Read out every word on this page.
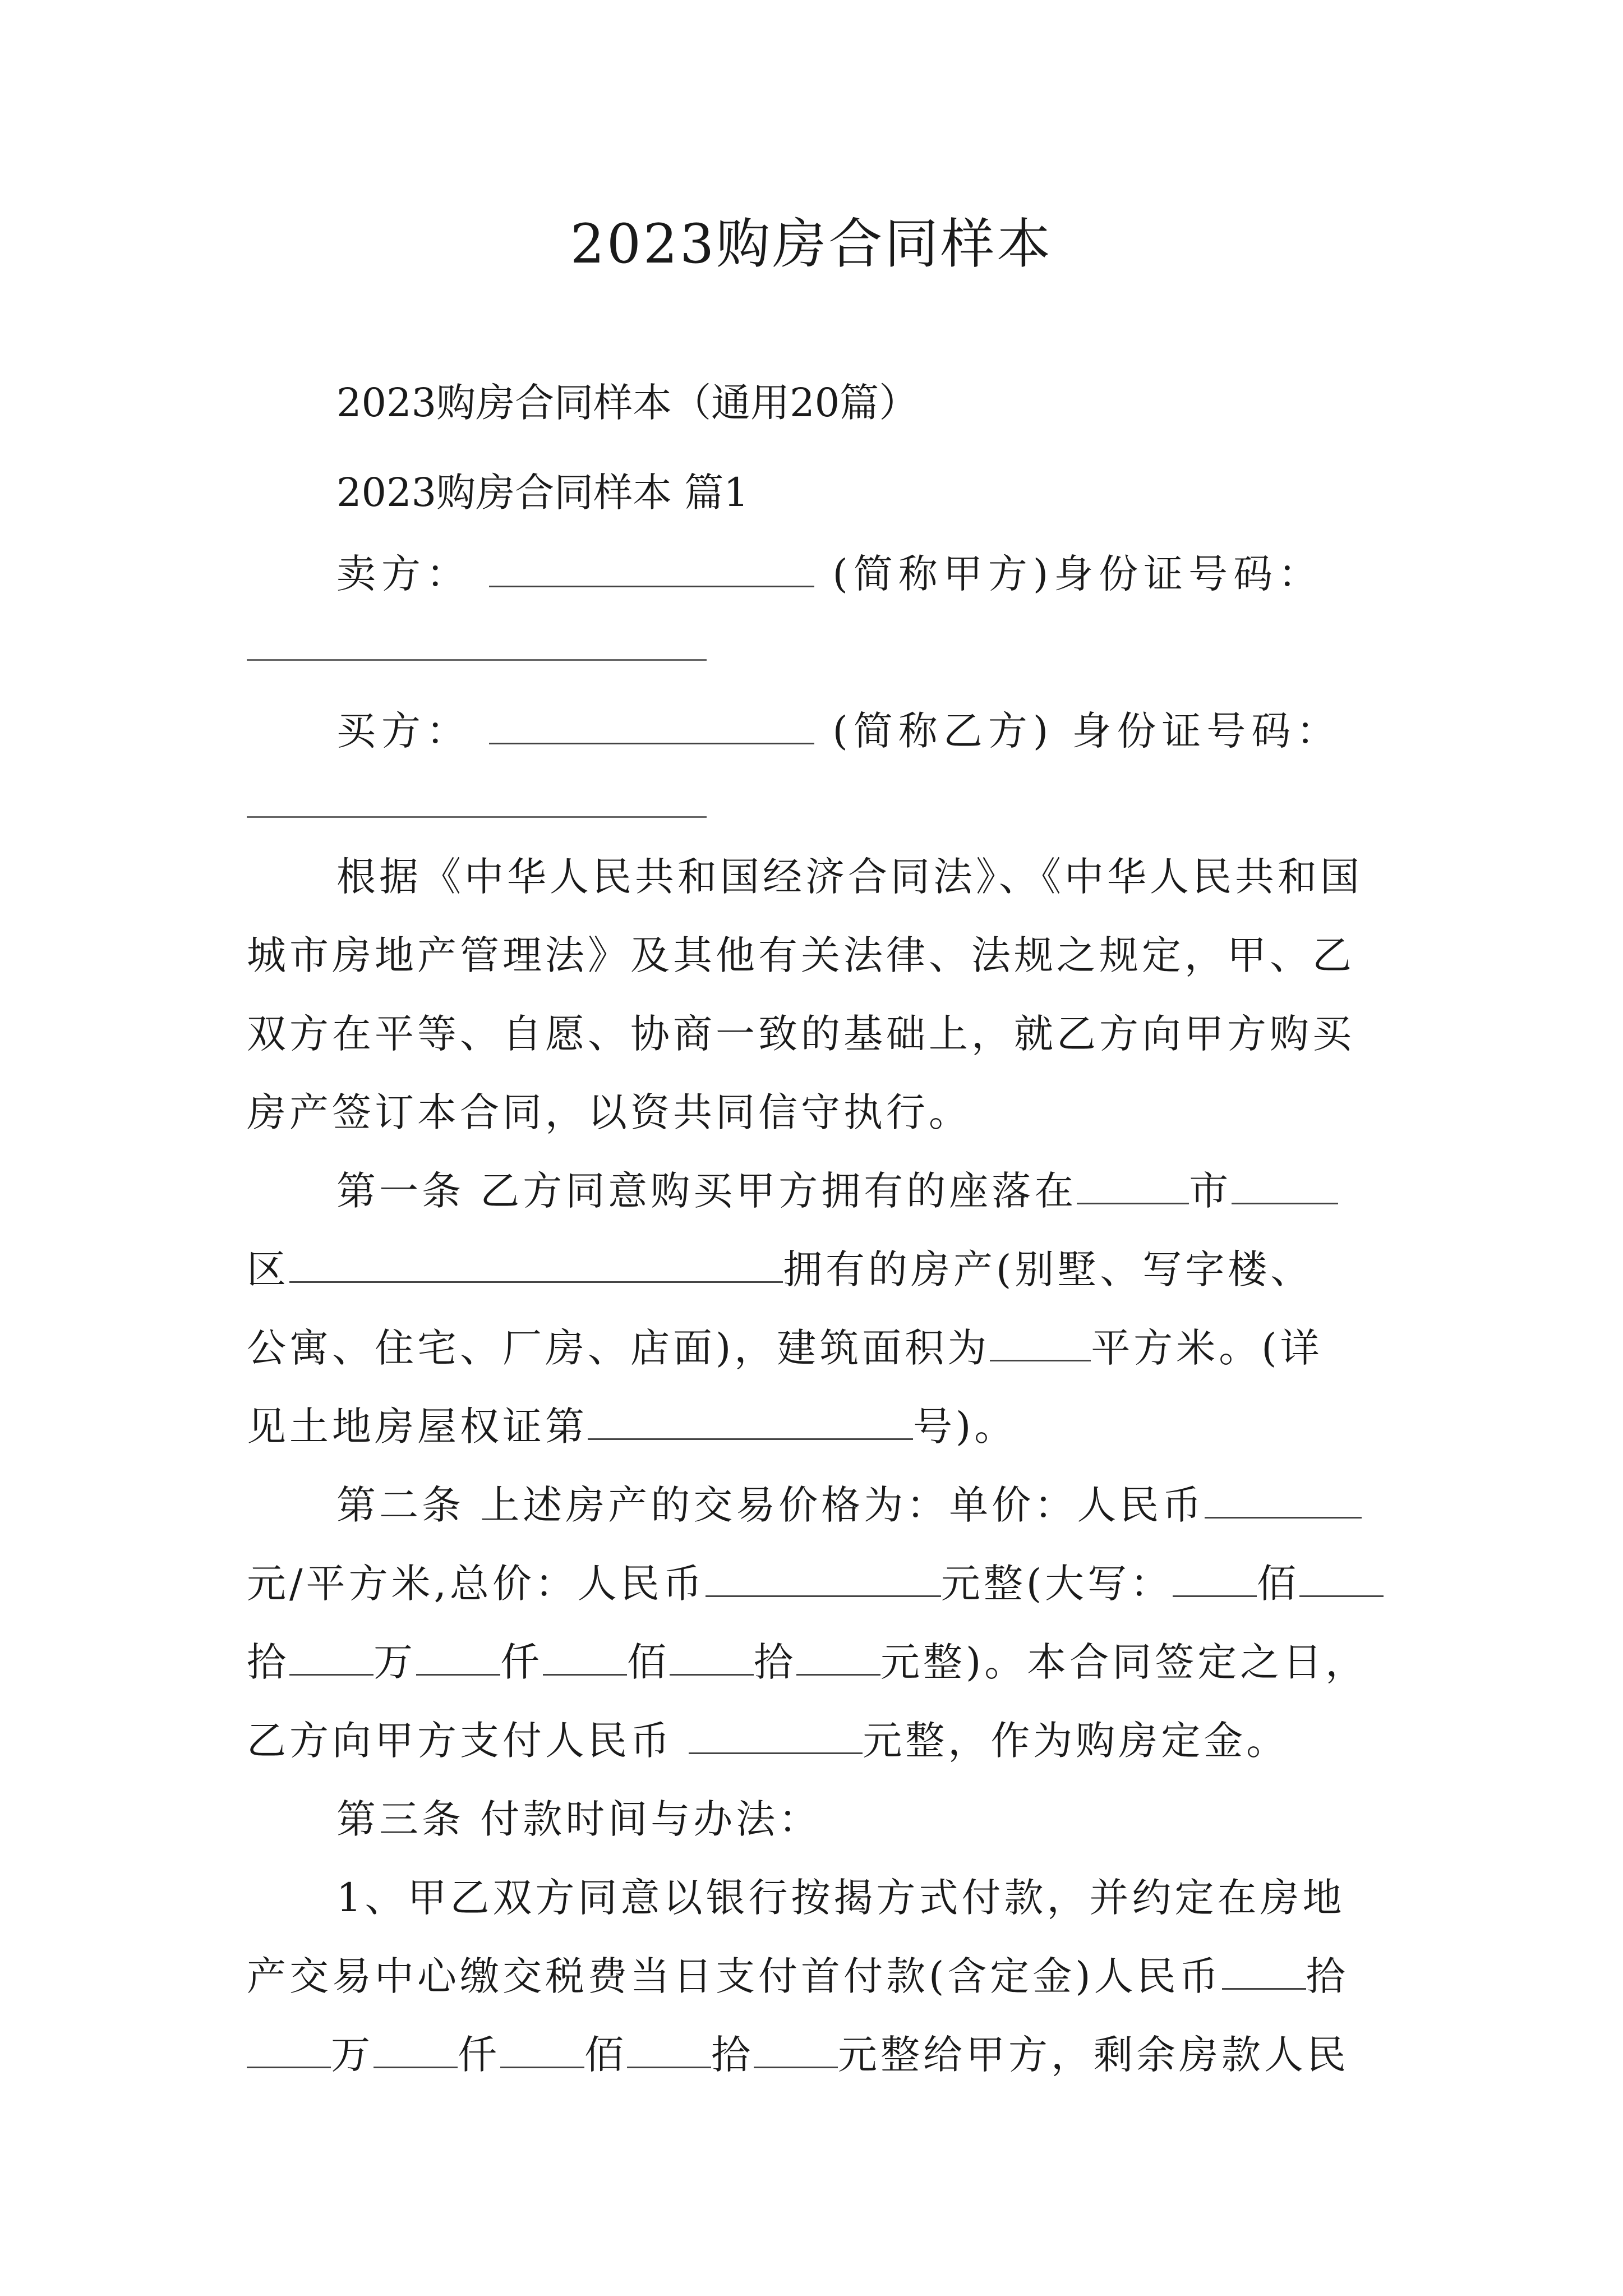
2023购房合同样本
2023购房合同样本（通用20篇）
2023购房合同样本 篇1
卖方：	(简称甲方)身份证号码：
买方：	(简称乙方) 身份证号码：
根据《中华人民共和国经济合同法》、《中华人民共和国
城市房地产管理法》及其他有关法律、法规之规定，甲、乙
双方在平等、自愿、协商一致的基础上，就乙方向甲方购买
房产签订本合同，以资共同信守执行。
第一条 乙方同意购买甲方拥有的座落在	市
区	拥有的房产(别墅、写字楼、
公寓、住宅、厂房、店面)，建筑面积为	平方米。(详
见土地房屋权证第	号)。
第二条 上述房产的交易价格为：单价：人民币
元/平方米,总价：人民币	元整(大写： 佰
拾 万 仟 佰 拾 元整)。本合同签定之日，
乙方向甲方支付人民币	元整，作为购房定金。
第三条 付款时间与办法：
1、甲乙双方同意以银行按揭方式付款，并约定在房地
产交易中心缴交税费当日支付首付款(含定金)人民币 拾
万 仟 佰 拾 元整给甲方，剩余房款人民
